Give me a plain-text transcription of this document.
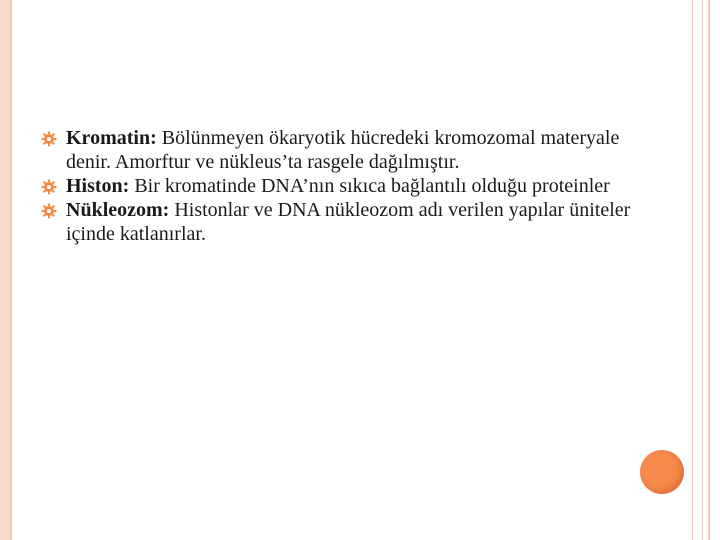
Kromatin: Bölünmeyen ökaryotik hücredeki kromozomal materyale denir. Amorftur ve nükleus’ta rasgele dağılmıştır.
Histon: Bir kromatinde DNA’nın sıkıca bağlantılı olduğu proteinler
Nükleozom: Histonlar ve DNA nükleozom adı verilen yapılar üniteler içinde katlanırlar.
